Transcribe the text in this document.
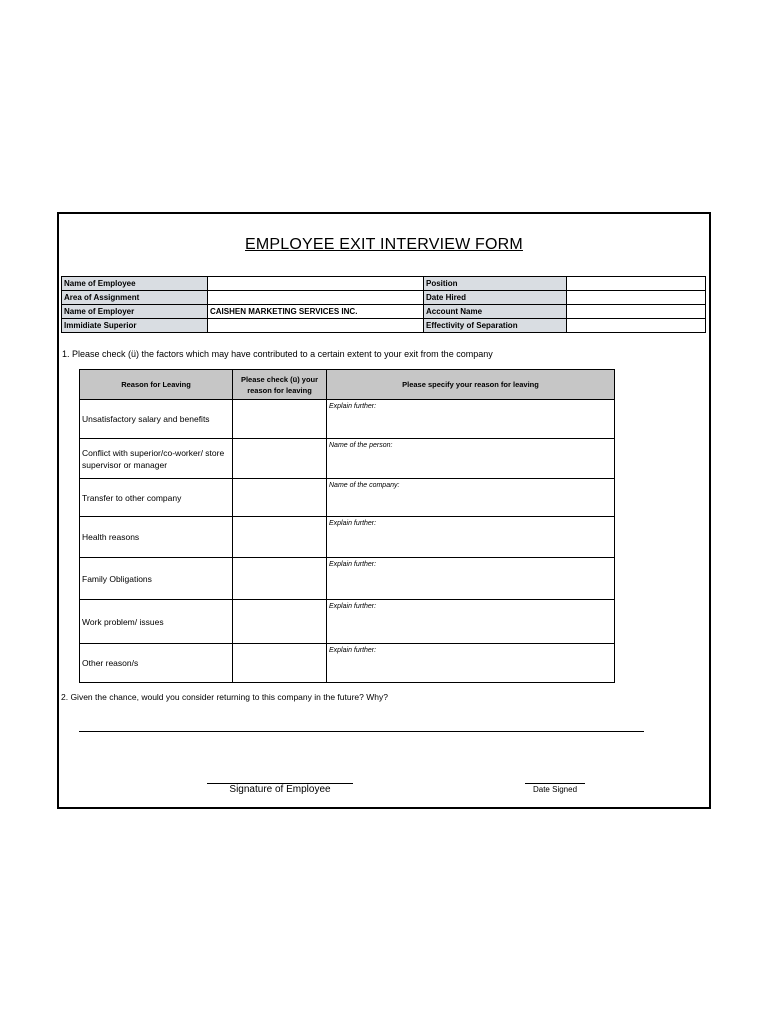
EMPLOYEE EXIT INTERVIEW FORM
Name of Employee		Position	
Area of Assignment		Date Hired	
Name of Employer	CAISHEN MARKETING SERVICES INC.	Account Name	
Immidiate Superior		Effectivity of Separation	
1. Please check (ü) the factors which may have contributed to a certain extent to your exit from the company
Reason for Leaving	Please check (ü) your reason for leaving	Please specify your reason for leaving
Unsatisfactory salary and benefits		Explain further:
Conflict with superior/co-worker/ store supervisor or manager		Name of the person:
Transfer to other company		Name of the company:
Health reasons		Explain further:
Family Obligations		Explain further:
Work problem/ issues		Explain further:
Other reason/s		Explain further:
2. Given the chance, would you consider returning to this company in the future? Why?
Signature of Employee	Date Signed
